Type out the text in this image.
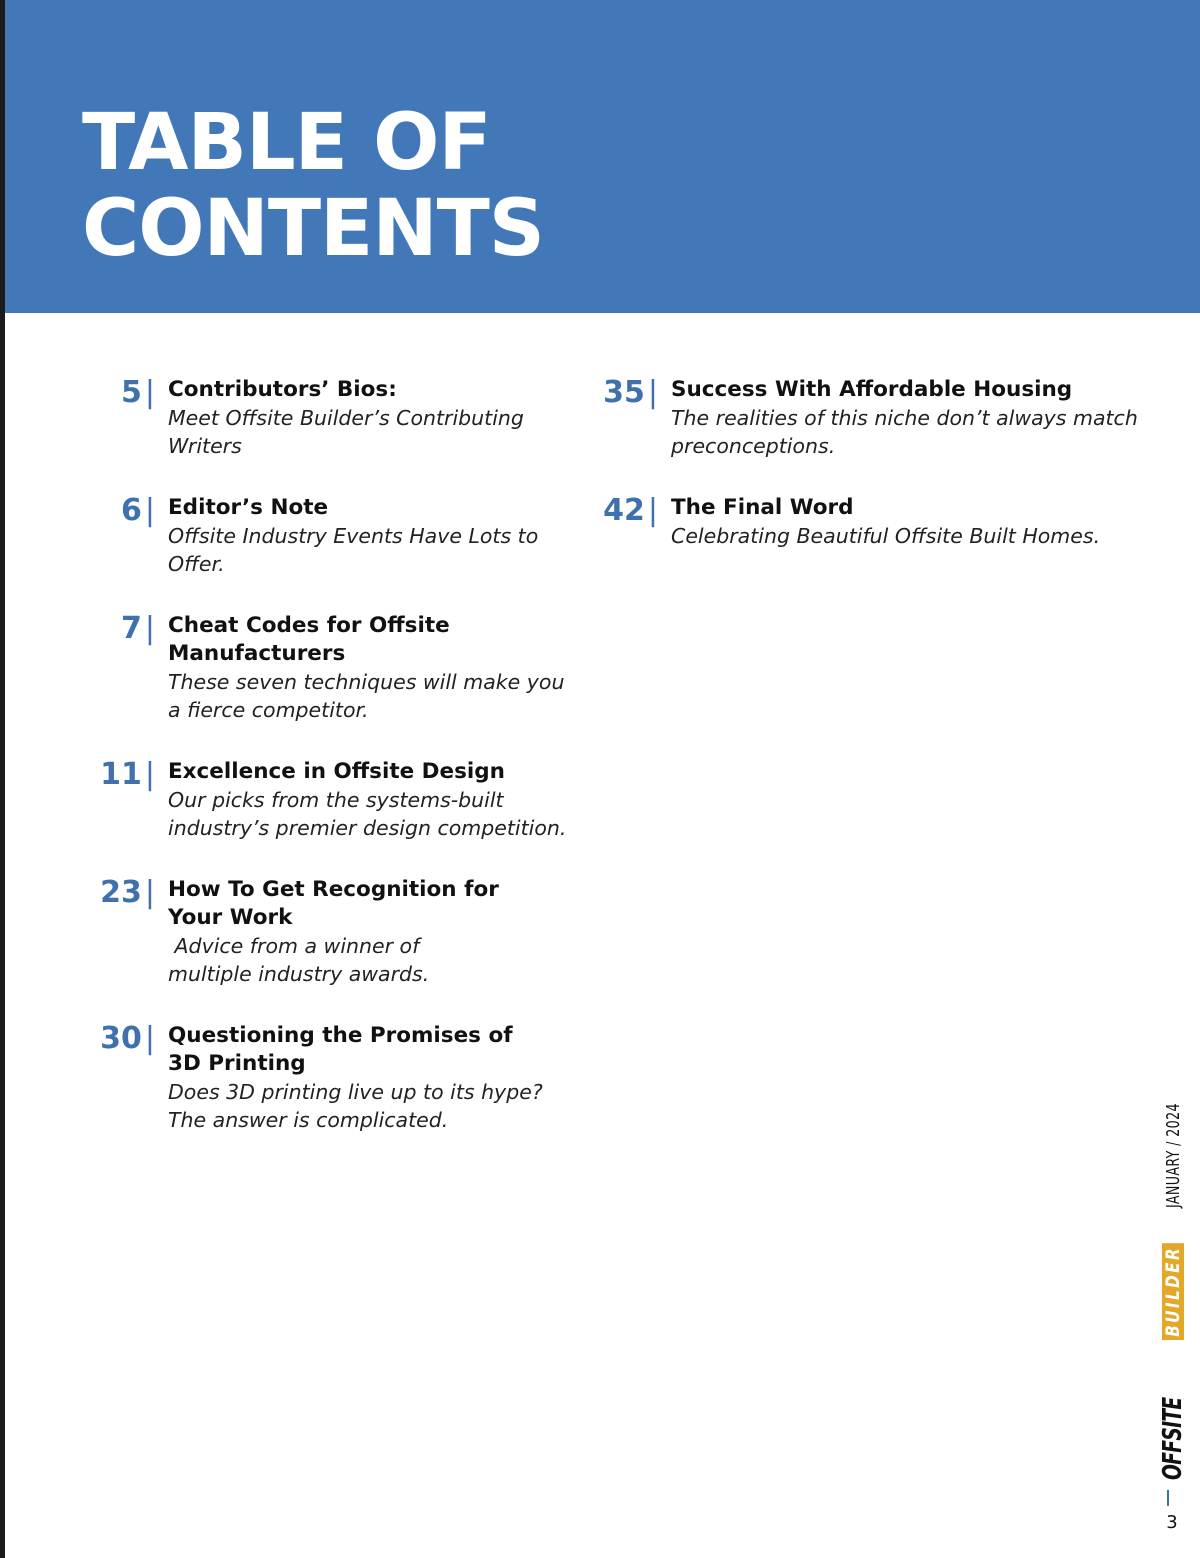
TABLE OF CONTENTS
5 | Contributors’ Bios:
Meet Offsite Builder’s Contributing Writers
6 | Editor’s Note
Offsite Industry Events Have Lots to Offer.
7 | Cheat Codes for Offsite Manufacturers
These seven techniques will make you a fierce competitor.
11 | Excellence in Offsite Design
Our picks from the systems-built industry’s premier design competition.
23 | How To Get Recognition for Your Work
Advice from a winner of multiple industry awards.
30 | Questioning the Promises of 3D Printing
Does 3D printing live up to its hype? The answer is complicated.
35 | Success With Affordable Housing
The realities of this niche don’t always match preconceptions.
42 | The Final Word
Celebrating Beautiful Offsite Built Homes.
OFFSITEBUILDER JANUARY / 2024
3
